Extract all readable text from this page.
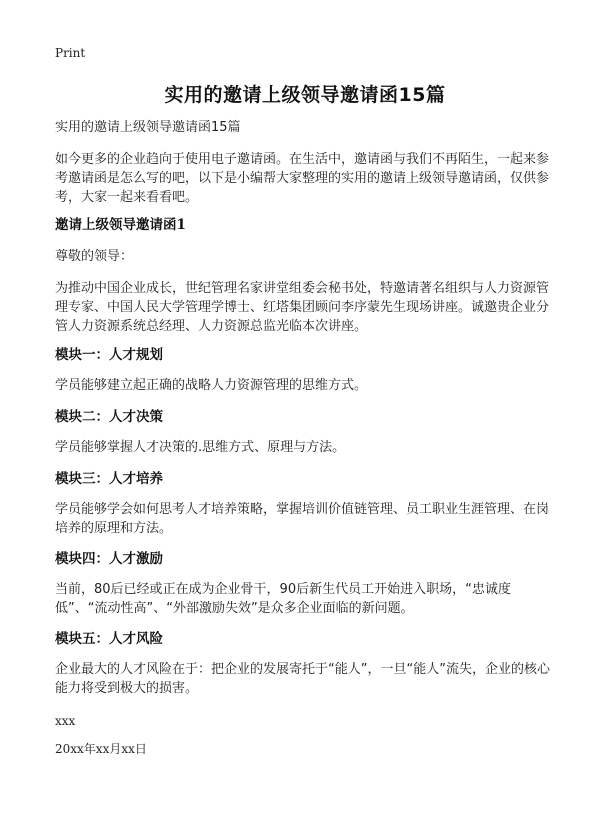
Print
实用的邀请上级领导邀请函15篇
实用的邀请上级领导邀请函15篇
如今更多的企业趋向于使用电子邀请函。在生活中，邀请函与我们不再陌生，一起来参考邀请函是怎么写的吧，以下是小编帮大家整理的实用的邀请上级领导邀请函，仅供参考，大家一起来看看吧。
邀请上级领导邀请函1
尊敬的领导：
为推动中国企业成长，世纪管理名家讲堂组委会秘书处，特邀请著名组织与人力资源管理专家、中国人民大学管理学博士、红塔集团顾问李序蒙先生现场讲座。诚邀贵企业分管人力资源系统总经理、人力资源总监光临本次讲座。
模块一：人才规划
学员能够建立起正确的战略人力资源管理的思维方式。
模块二：人才决策
学员能够掌握人才决策的.思维方式、原理与方法。
模块三：人才培养
学员能够学会如何思考人才培养策略，掌握培训价值链管理、员工职业生涯管理、在岗培养的原理和方法。
模块四：人才激励
当前，80后已经或正在成为企业骨干，90后新生代员工开始进入职场，“忠诚度低”、“流动性高”、“外部激励失效”是众多企业面临的新问题。
模块五：人才风险
企业最大的人才风险在于：把企业的发展寄托于“能人”，一旦“能人”流失，企业的核心能力将受到极大的损害。
xxx
20xx年xx月xx日
